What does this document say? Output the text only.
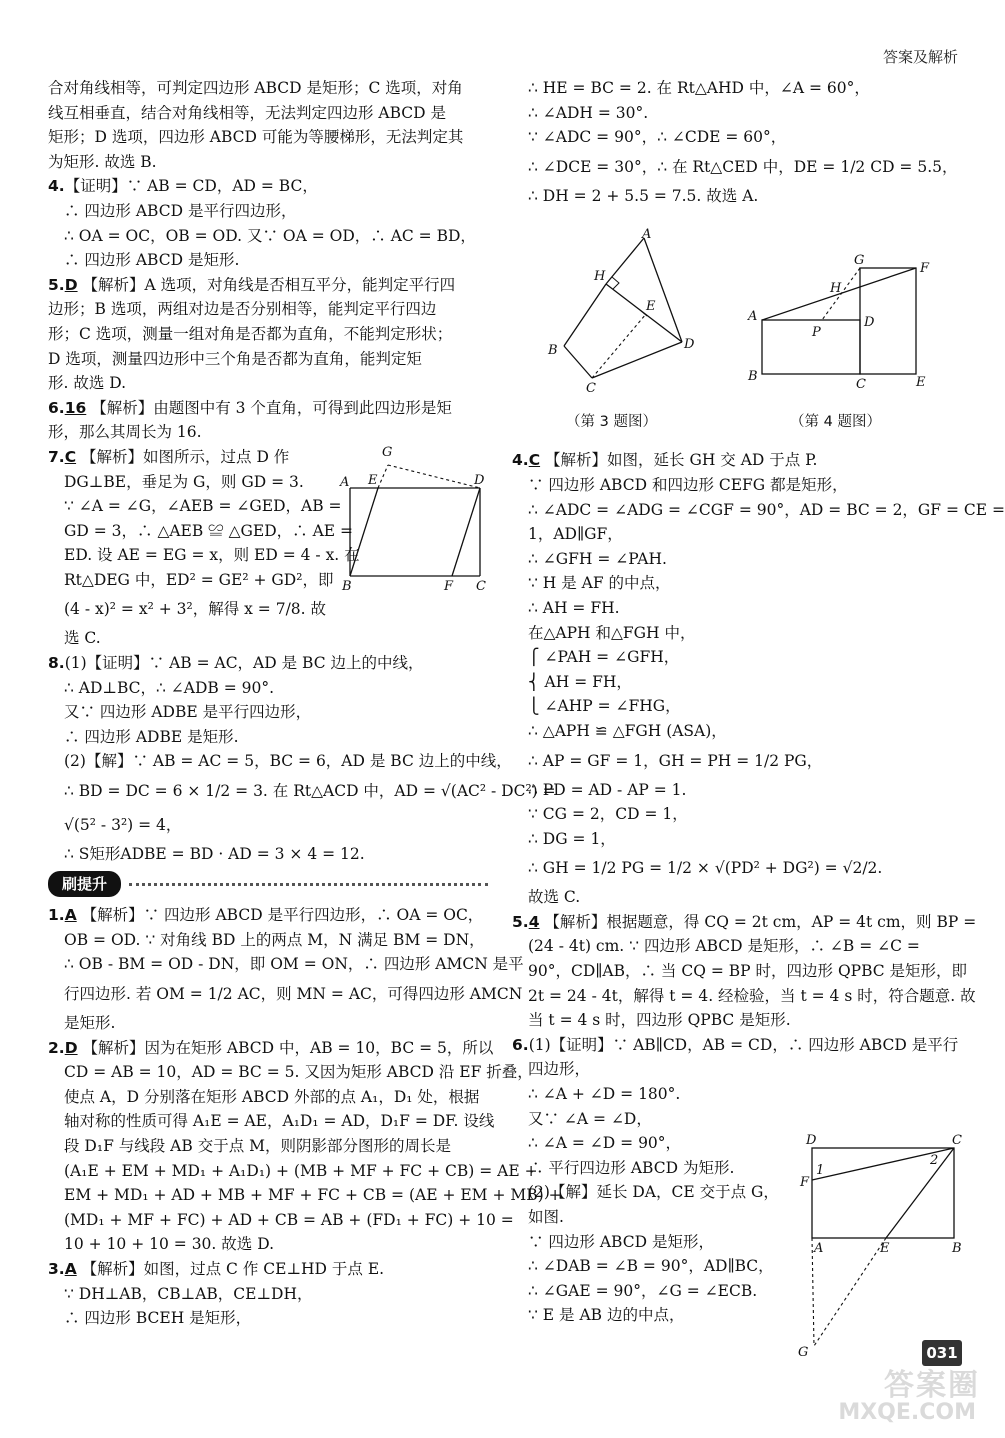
答案及解析
合对角线相等，可判定四边形 ABCD 是矩形；C 选项，对角
线互相垂直，结合对角线相等，无法判定四边形 ABCD 是
矩形；D 选项，四边形 ABCD 可能为等腰梯形，无法判定其
为矩形. 故选 B.
4.【证明】∵ AB = CD，AD = BC，
∴ 四边形 ABCD 是平行四边形，
∴ OA = OC，OB = OD. 又∵ OA = OD，∴ AC = BD，
∴ 四边形 ABCD 是矩形.
5.D 【解析】A 选项，对角线是否相互平分，能判定平行四
边形；B 选项，两组对边是否分别相等，能判定平行四边
形；C 选项，测量一组对角是否都为直角，不能判定形状；
D 选项，测量四边形中三个角是否都为直角，能判定矩
形. 故选 D.
6.16 【解析】由题图中有 3 个直角，可得到此四边形是矩
形，那么其周长为 16.
7.C 【解析】如图所示，过点 D 作
DG⊥BE，垂足为 G，则 GD = 3.
∵ ∠A = ∠G，∠AEB = ∠GED，AB =
GD = 3，∴ △AEB ≌ △GED，∴ AE =
ED. 设 AE = EG = x，则 ED = 4 - x. 在
Rt△DEG 中，ED² = GE² + GD²，即
(4 - x)² = x² + 3²，解得 x = 7/8. 故
选 C.
8.(1)【证明】∵ AB = AC，AD 是 BC 边上的中线，
∴ AD⊥BC，∴ ∠ADB = 90°.
又∵ 四边形 ADBE 是平行四边形，
∴ 四边形 ADBE 是矩形.
(2)【解】∵ AB = AC = 5，BC = 6，AD 是 BC 边上的中线，
∴ BD = DC = 6 × 1/2 = 3. 在 Rt△ACD 中，AD = √(AC² - DC²) =
√(5² - 3²) = 4，
∴ S矩形ADBE = BD · AD = 3 × 4 = 12.
刷提升
1.A 【解析】∵ 四边形 ABCD 是平行四边形，∴ OA = OC，
OB = OD. ∵ 对角线 BD 上的两点 M，N 满足 BM = DN，
∴ OB - BM = OD - DN，即 OM = ON，∴ 四边形 AMCN 是平
行四边形. 若 OM = 1/2 AC，则 MN = AC，可得四边形 AMCN
是矩形.
2.D 【解析】因为在矩形 ABCD 中，AB = 10，BC = 5，所以
CD = AB = 10，AD = BC = 5. 又因为矩形 ABCD 沿 EF 折叠，
使点 A，D 分别落在矩形 ABCD 外部的点 A₁，D₁ 处，根据
轴对称的性质可得 A₁E = AE，A₁D₁ = AD，D₁F = DF. 设线
段 D₁F 与线段 AB 交于点 M，则阴影部分图形的周长是
(A₁E + EM + MD₁ + A₁D₁) + (MB + MF + FC + CB) = AE +
EM + MD₁ + AD + MB + MF + FC + CB = (AE + EM + MB) +
(MD₁ + MF + FC) + AD + CB = AB + (FD₁ + FC) + 10 =
10 + 10 + 10 = 30. 故选 D.
3.A 【解析】如图，过点 C 作 CE⊥HD 于点 E.
∵ DH⊥AB，CB⊥AB，CE⊥DH，
∴ 四边形 BCEH 是矩形，
∴ HE = BC = 2. 在 Rt△AHD 中，∠A = 60°，
∴ ∠ADH = 30°.
∵ ∠ADC = 90°，∴ ∠CDE = 60°，
∴ ∠DCE = 30°，∴ 在 Rt△CED 中，DE = 1/2 CD = 5.5，
∴ DH = 2 + 5.5 = 7.5. 故选 A.
4.C 【解析】如图，延长 GH 交 AD 于点 P.
∵ 四边形 ABCD 和四边形 CEFG 都是矩形，
∴ ∠ADC = ∠ADG = ∠CGF = 90°，AD = BC = 2，GF = CE =
1，AD∥GF，
∴ ∠GFH = ∠PAH.
∵ H 是 AF 的中点，
∴ AH = FH.
在△APH 和△FGH 中，
⎧ ∠PAH = ∠GFH，
⎨ AH = FH，
⎩ ∠AHP = ∠FHG，
∴ △APH ≌ △FGH (ASA)，
∴ AP = GF = 1，GH = PH = 1/2 PG，
∴ PD = AD - AP = 1.
∵ CG = 2，CD = 1，
∴ DG = 1，
∴ GH = 1/2 PG = 1/2 × √(PD² + DG²) = √2/2.
故选 C.
5.4 【解析】根据题意，得 CQ = 2t cm，AP = 4t cm，则 BP =
(24 - 4t) cm. ∵ 四边形 ABCD 是矩形，∴ ∠B = ∠C =
90°，CD∥AB，∴ 当 CQ = BP 时，四边形 QPBC 是矩形，即
2t = 24 - 4t，解得 t = 4. 经检验，当 t = 4 s 时，符合题意. 故
当 t = 4 s 时，四边形 QPBC 是矩形.
6.(1)【证明】∵ AB∥CD，AB = CD，∴ 四边形 ABCD 是平行
四边形，
∴ ∠A + ∠D = 180°.
又∵ ∠A = ∠D，
∴ ∠A = ∠D = 90°，
∴ 平行四边形 ABCD 为矩形.
(2)【解】延长 DA，CE 交于点 G，
如图.
∵ 四边形 ABCD 是矩形，
∴ ∠DAB = ∠B = 90°，AD∥BC，
∴ ∠GAE = 90°，∠G = ∠ECB.
∵ E 是 AB 边的中点，
G
A E	D
B	F C
A
H
E
B
C
D
G
F
H
A
P
D
B
C	E
（第 3 题图）	（第 4 题图）
D	C
1
2
F
A	E	B
G	031
答案圈
MXQE.COM
